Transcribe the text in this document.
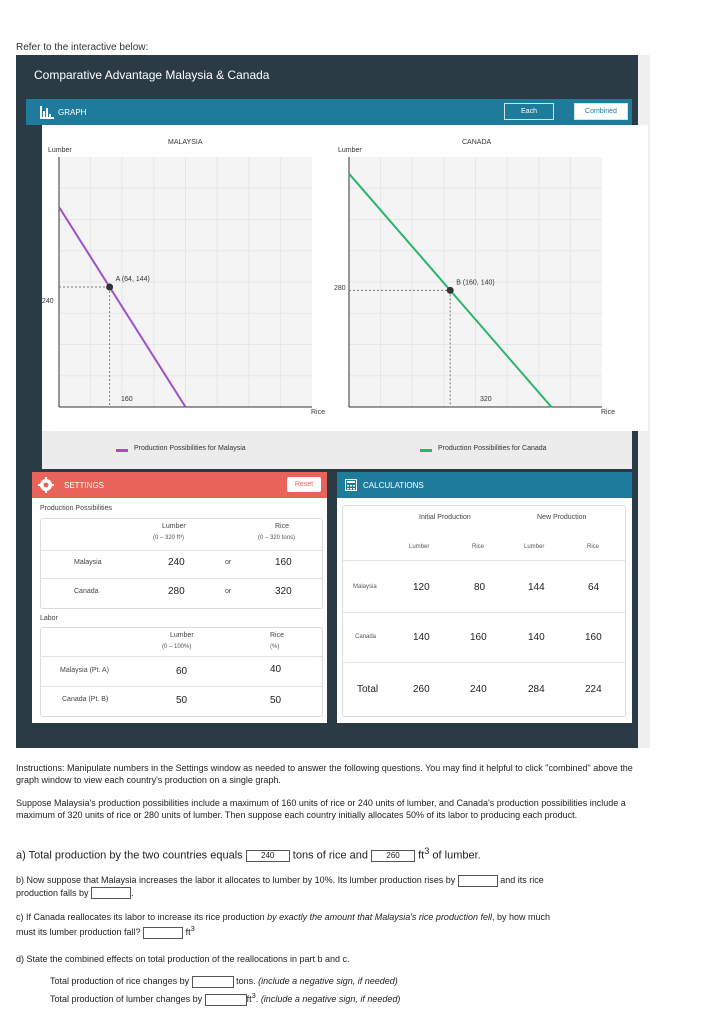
Refer to the interactive below:
Comparative Advantage Malaysia & Canada
GRAPH	Each	Combined
MALAYSIA
Lumber
240
160
Rice
A (64, 144)
CANADA
Lumber
280
320
Rice
B (160, 140)
Production Possibilities for Malaysia	Production Possibilities for Canada
SETTINGS	Reset
Production Possibilities
Lumber
(0 – 320 ft³)
Rice
(0 – 320 tons)
Malaysia	240	or	160
Canada	280	or	320
Labor
Lumber
(0 – 100%)
Rice
(%)
Malaysia (Pt. A)	60	40
Canada (Pt. B)	50	50
CALCULATIONS
Initial Production	New Production
Lumber	Rice	Lumber	Rice
Malaysia	120	80	144	64
Canada	140	160	140	160
Total	260	240	284	224
Instructions: Manipulate numbers in the Settings window as needed to answer the following questions. You may find it helpful to click "combined" above the graph window to view each country's production on a single graph.
Suppose Malaysia's production possibilities include a maximum of 160 units of rice or 240 units of lumber, and Canada's production possibilities include a maximum of 320 units of rice or 280 units of lumber. Then suppose each country initially allocates 50% of its labor to producing each product.
a) Total production by the two countries equals 240 tons of rice and 260 $ft^3$ of lumber.
b) Now suppose that Malaysia increases the labor it allocates to lumber by 10%. Its lumber production rises by	and its rice
production falls by	.
c) If Canada reallocates its labor to increase its rice production by exactly the amount that Malaysia's rice production fell, by how much
must its lumber production fall?	$ft^3$
d) State the combined effects on total production of the reallocations in part b and c.
Total production of rice changes by	tons. (include a negative sign, if needed)
Total production of lumber changes by	$ft^3$. (include a negative sign, if needed)
